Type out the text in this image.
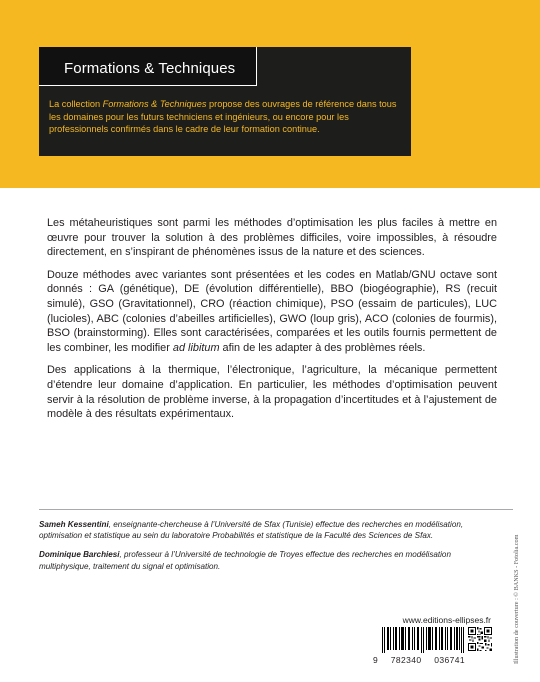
Formations & Techniques
La collection Formations & Techniques propose des ouvrages de référence dans tous les domaines pour les futurs techniciens et ingénieurs, ou encore pour les professionnels confirmés dans le cadre de leur formation continue.

Les métaheuristiques sont parmi les méthodes d’optimisation les plus faciles à mettre en œuvre pour trouver la solution à des problèmes difficiles, voire impossibles, à résoudre directement, en s’inspirant de phénomènes issus de la nature et des sciences.

Douze méthodes avec variantes sont présentées et les codes en Matlab/GNU octave sont donnés : GA (génétique), DE (évolution différentielle), BBO (biogéographie), RS (recuit simulé), GSO (Gravitationnel), CRO (réaction chimique), PSO (essaim de particules), LUC (lucioles), ABC (colonies d’abeilles artificielles), GWO (loup gris), ACO (colonies de fourmis), BSO (brainstorming). Elles sont caractérisées, comparées et les outils fournis permettent de les combiner, les modifier ad libitum afin de les adapter à des problèmes réels.

Des applications à la thermique, l’électronique, l’agriculture, la mécanique permettent d’étendre leur domaine d’application. En particulier, les méthodes d’optimisation peuvent servir à la résolution de problème inverse, à la propagation d’incertitudes et à l’ajustement de modèle à des résultats expérimentaux.

Sameh Kessentini, enseignante-chercheuse à l’Université de Sfax (Tunisie) effectue des recherches en modélisation, optimisation et statistique au sein du laboratoire Probabilités et statistique de la Faculté des Sciences de Sfax.

Dominique Barchiesi, professeur à l’Université de technologie de Troyes effectue des recherches en modélisation multiphysique, traitement du signal et optimisation.	Illustration de couverture : © BANKS - Fotolia.com
www.editions-ellipses.fr
9 782340 036741
